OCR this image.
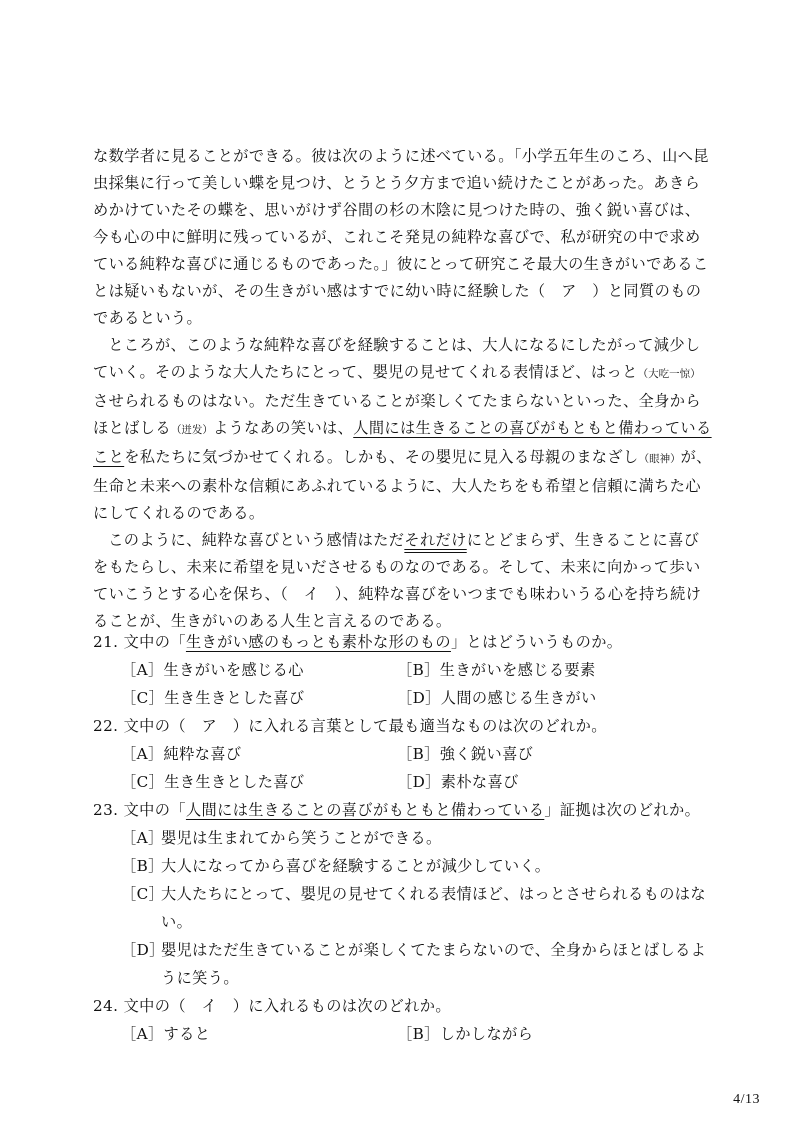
な数学者に見ることができる。彼は次のように述べている。「小学五年生のころ、山へ昆虫採集に行って美しい蝶を見つけ、とうとう夕方まで追い続けたことがあった。あきらめかけていたその蝶を、思いがけず谷間の杉の木陰に見つけた時の、強く鋭い喜びは、今も心の中に鮮明に残っているが、これこそ発見の純粋な喜びで、私が研究の中で求めている純粋な喜びに通じるものであった。」彼にとって研究こそ最大の生きがいであることは疑いもないが、その生きがい感はすでに幼い時に経験した（　ア　）と同質のものであるという。

ところが、このような純粋な喜びを経験することは、大人になるにしたがって減少していく。そのような大人たちにとって、嬰児の見せてくれる表情ほど、はっと（大吃一惊）させられるものはない。ただ生きていることが楽しくてたまらないといった、全身からほとばしる（迸发）ようなあの笑いは、人間には生きることの喜びがもともと備わっていることを私たちに気づかせてくれる。しかも、その嬰児に見入る母親のまなざし（眼神）が、生命と未来への素朴な信頼にあふれているように、大人たちをも希望と信頼に満ちた心にしてくれるのである。

このように、純粋な喜びという感情はただそれだけにとどまらず、生きることに喜びをもたらし、未来に希望を見いださせるものなのである。そして、未来に向かって歩いていこうとする心を保ち、（　イ　）、純粋な喜びをいつまでも味わいうる心を持ち続けることが、生きがいのある人生と言えるのである。

21. 文中の「生きがい感のもっとも素朴な形のもの」とはどういうものか。

［A］生きがいを感じる心	［B］生きがいを感じる要素
［C］生き生きとした喜び	［D］人間の感じる生きがい

22. 文中の（　ア　）に入れる言葉として最も適当なものは次のどれか。

［A］純粋な喜び	［B］強く鋭い喜び
［C］生き生きとした喜び	［D］素朴な喜び

23. 文中の「人間には生きることの喜びがもともと備わっている」証拠は次のどれか。

［A］
嬰児は生まれてから笑うことができる。
［B］
大人になってから喜びを経験することが減少していく。
［C］
大人たちにとって、嬰児の見せてくれる表情ほど、はっとさせられるものはない。
［D］
嬰児はただ生きていることが楽しくてたまらないので、全身からほとばしるように笑う。

24. 文中の（　イ　）に入れるものは次のどれか。

［A］すると	［B］しかしながら
4/13
